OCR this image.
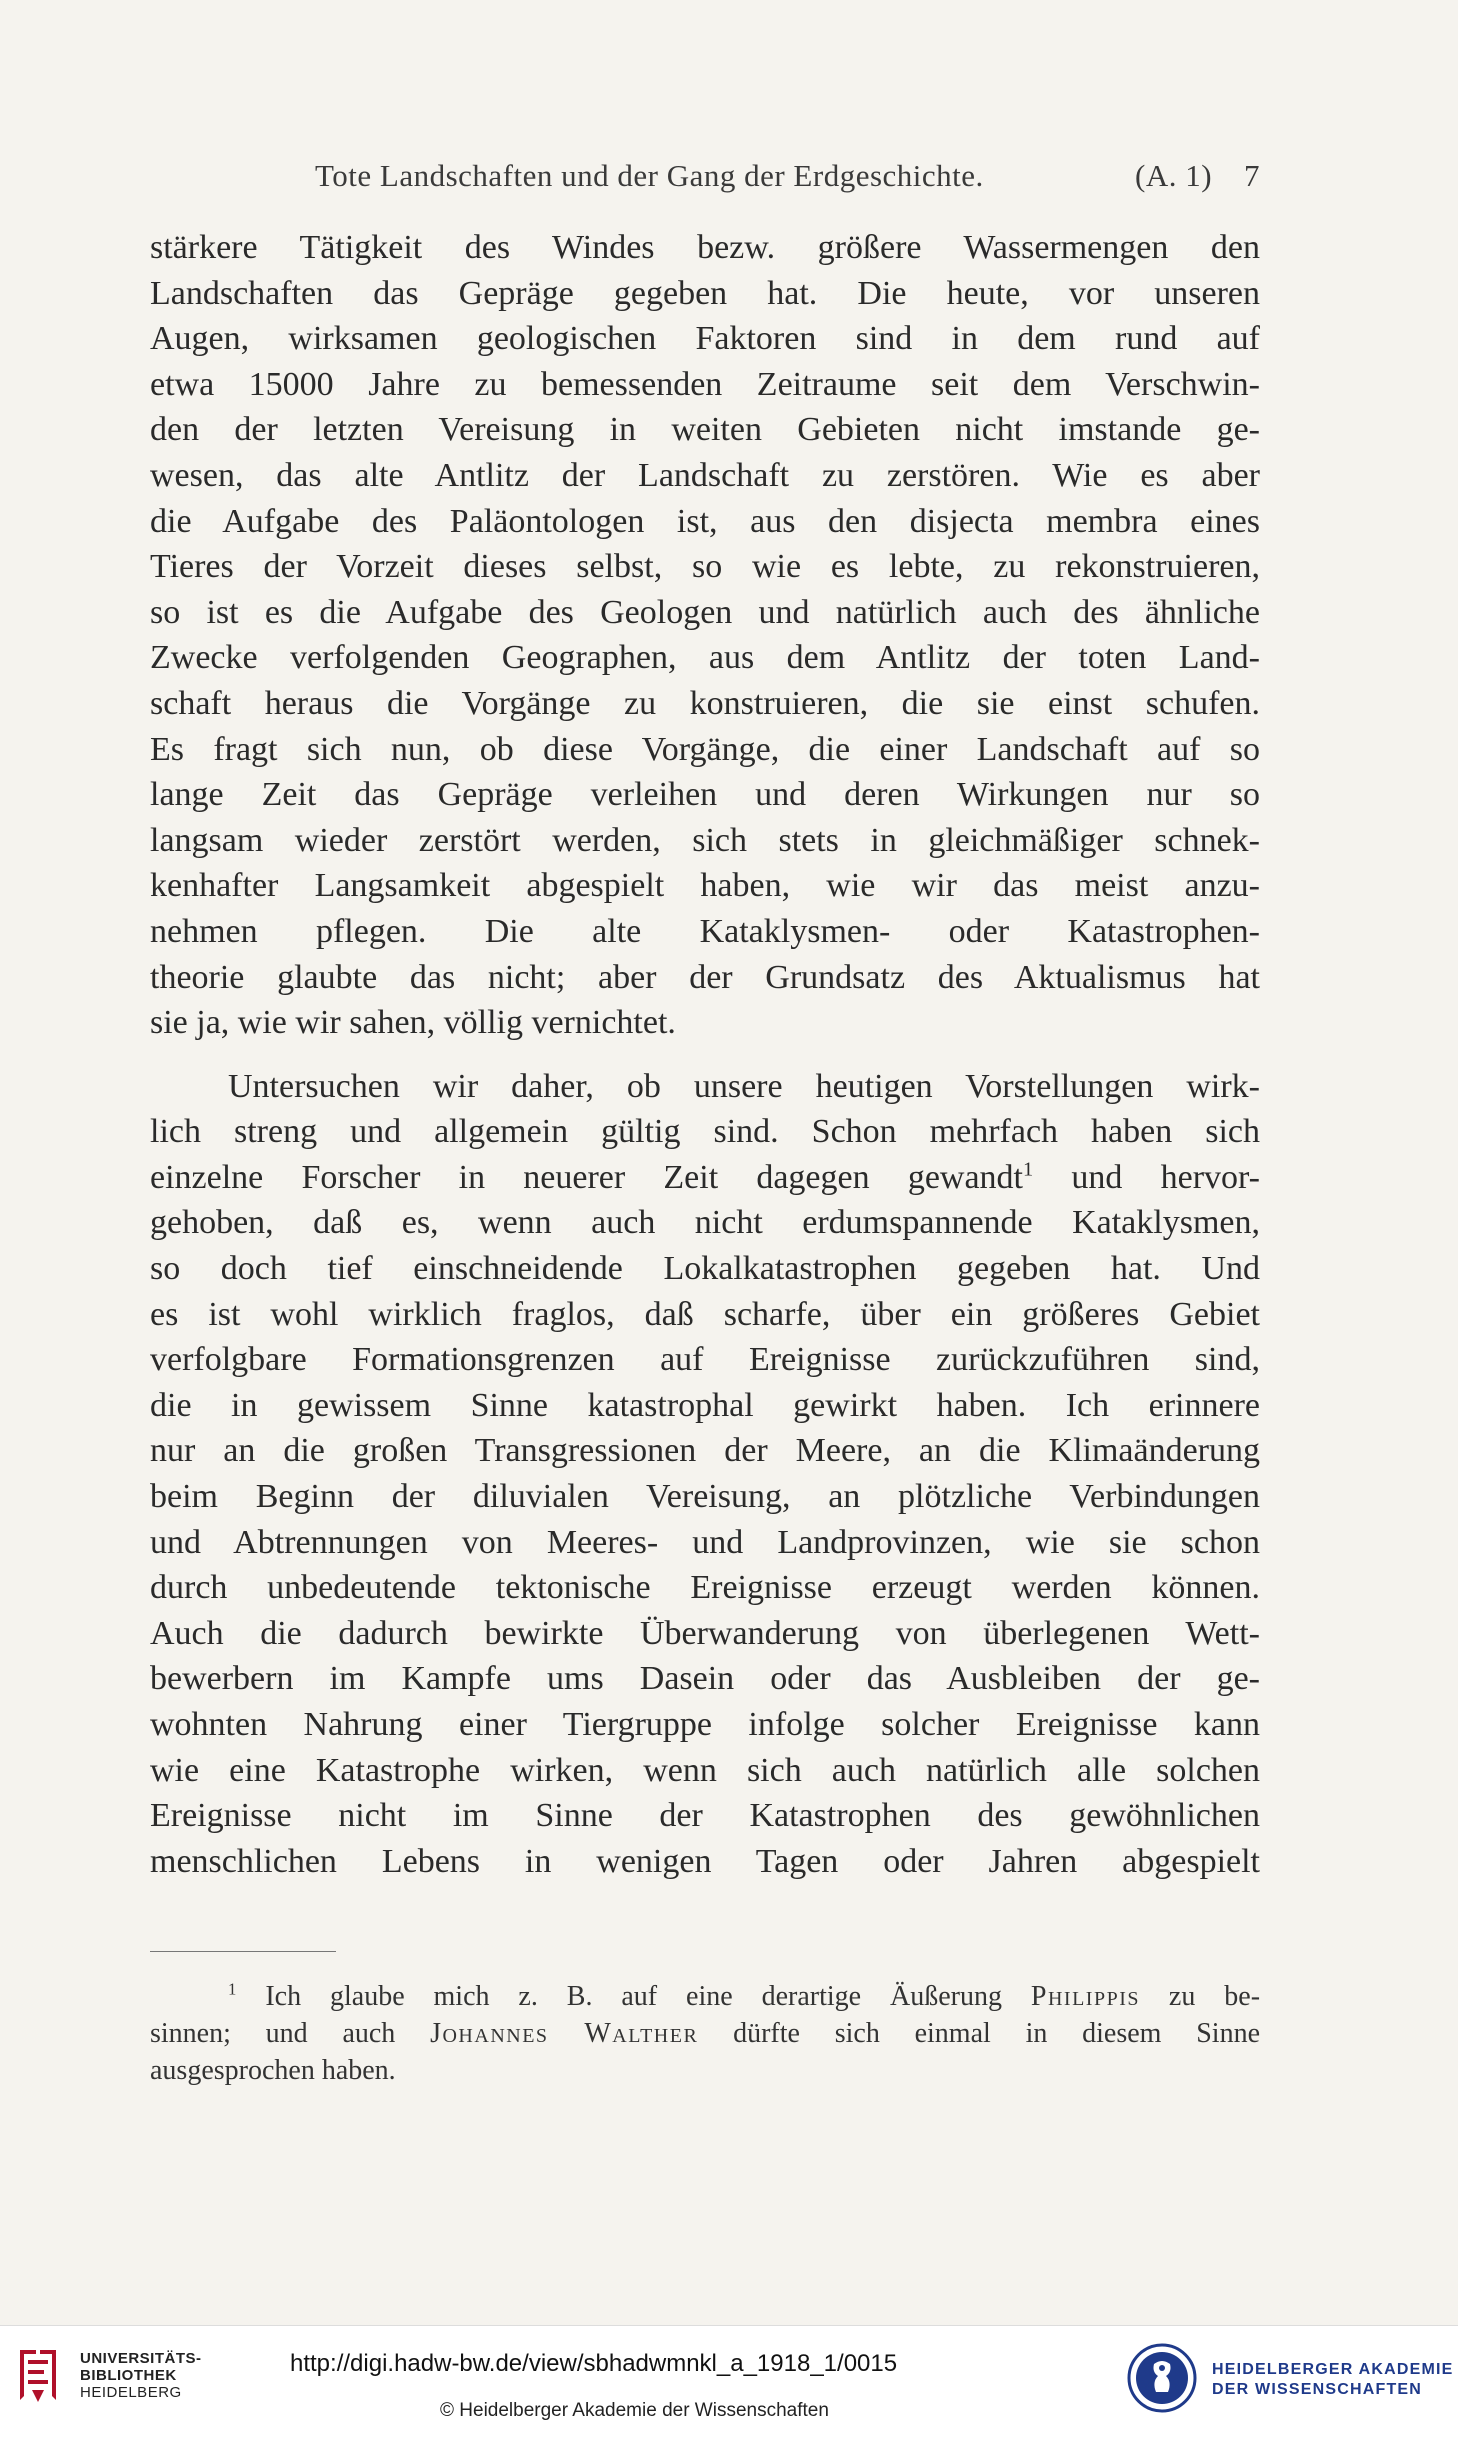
Tote Landschaften und der Gang der Erdgeschichte.	(A. 1) 7
stärkere Tätigkeit des Windes bezw. größere Wassermengen den
Landschaften das Gepräge gegeben hat. Die heute, vor unseren
Augen, wirksamen geologischen Faktoren sind in dem rund auf
etwa 15000 Jahre zu bemessenden Zeitraume seit dem Verschwin-
den der letzten Vereisung in weiten Gebieten nicht imstande ge-
wesen, das alte Antlitz der Landschaft zu zerstören. Wie es aber
die Aufgabe des Paläontologen ist, aus den disjecta membra eines
Tieres der Vorzeit dieses selbst, so wie es lebte, zu rekonstruieren,
so ist es die Aufgabe des Geologen und natürlich auch des ähnliche
Zwecke verfolgenden Geographen, aus dem Antlitz der toten Land-
schaft heraus die Vorgänge zu konstruieren, die sie einst schufen.
Es fragt sich nun, ob diese Vorgänge, die einer Landschaft auf so
lange Zeit das Gepräge verleihen und deren Wirkungen nur so
langsam wieder zerstört werden, sich stets in gleichmäßiger schnek-
kenhafter Langsamkeit abgespielt haben, wie wir das meist anzu-
nehmen pflegen. Die alte Kataklysmen- oder Katastrophen-
theorie glaubte das nicht; aber der Grundsatz des Aktualismus hat
sie ja, wie wir sahen, völlig vernichtet.
Untersuchen wir daher, ob unsere heutigen Vorstellungen wirk-
lich streng und allgemein gültig sind. Schon mehrfach haben sich
einzelne Forscher in neuerer Zeit dagegen gewandt$^1$ und hervor-
gehoben, daß es, wenn auch nicht erdumspannende Kataklysmen,
so doch tief einschneidende Lokalkatastrophen gegeben hat. Und
es ist wohl wirklich fraglos, daß scharfe, über ein größeres Gebiet
verfolgbare Formationsgrenzen auf Ereignisse zurückzuführen sind,
die in gewissem Sinne katastrophal gewirkt haben. Ich erinnere
nur an die großen Transgressionen der Meere, an die Klimaänderung
beim Beginn der diluvialen Vereisung, an plötzliche Verbindungen
und Abtrennungen von Meeres- und Landprovinzen, wie sie schon
durch unbedeutende tektonische Ereignisse erzeugt werden können.
Auch die dadurch bewirkte Überwanderung von überlegenen Wett-
bewerbern im Kampfe ums Dasein oder das Ausbleiben der ge-
wohnten Nahrung einer Tiergruppe infolge solcher Ereignisse kann
wie eine Katastrophe wirken, wenn sich auch natürlich alle solchen
Ereignisse nicht im Sinne der Katastrophen des gewöhnlichen
menschlichen Lebens in wenigen Tagen oder Jahren abgespielt
$^1$ Ich glaube mich z. B. auf eine derartige Äußerung Philippis zu be-
sinnen; und auch Johannes Walther dürfte sich einmal in diesem Sinne
ausgesprochen haben.
UNIVERSITÄTS-
BIBLIOTHEK
HEIDELBERG
http://digi.hadw-bw.de/view/sbhadwmnkl_a_1918_1/0015
© Heidelberger Akademie der Wissenschaften
HEIDELBERGER AKADEMIE
DER WISSENSCHAFTEN
